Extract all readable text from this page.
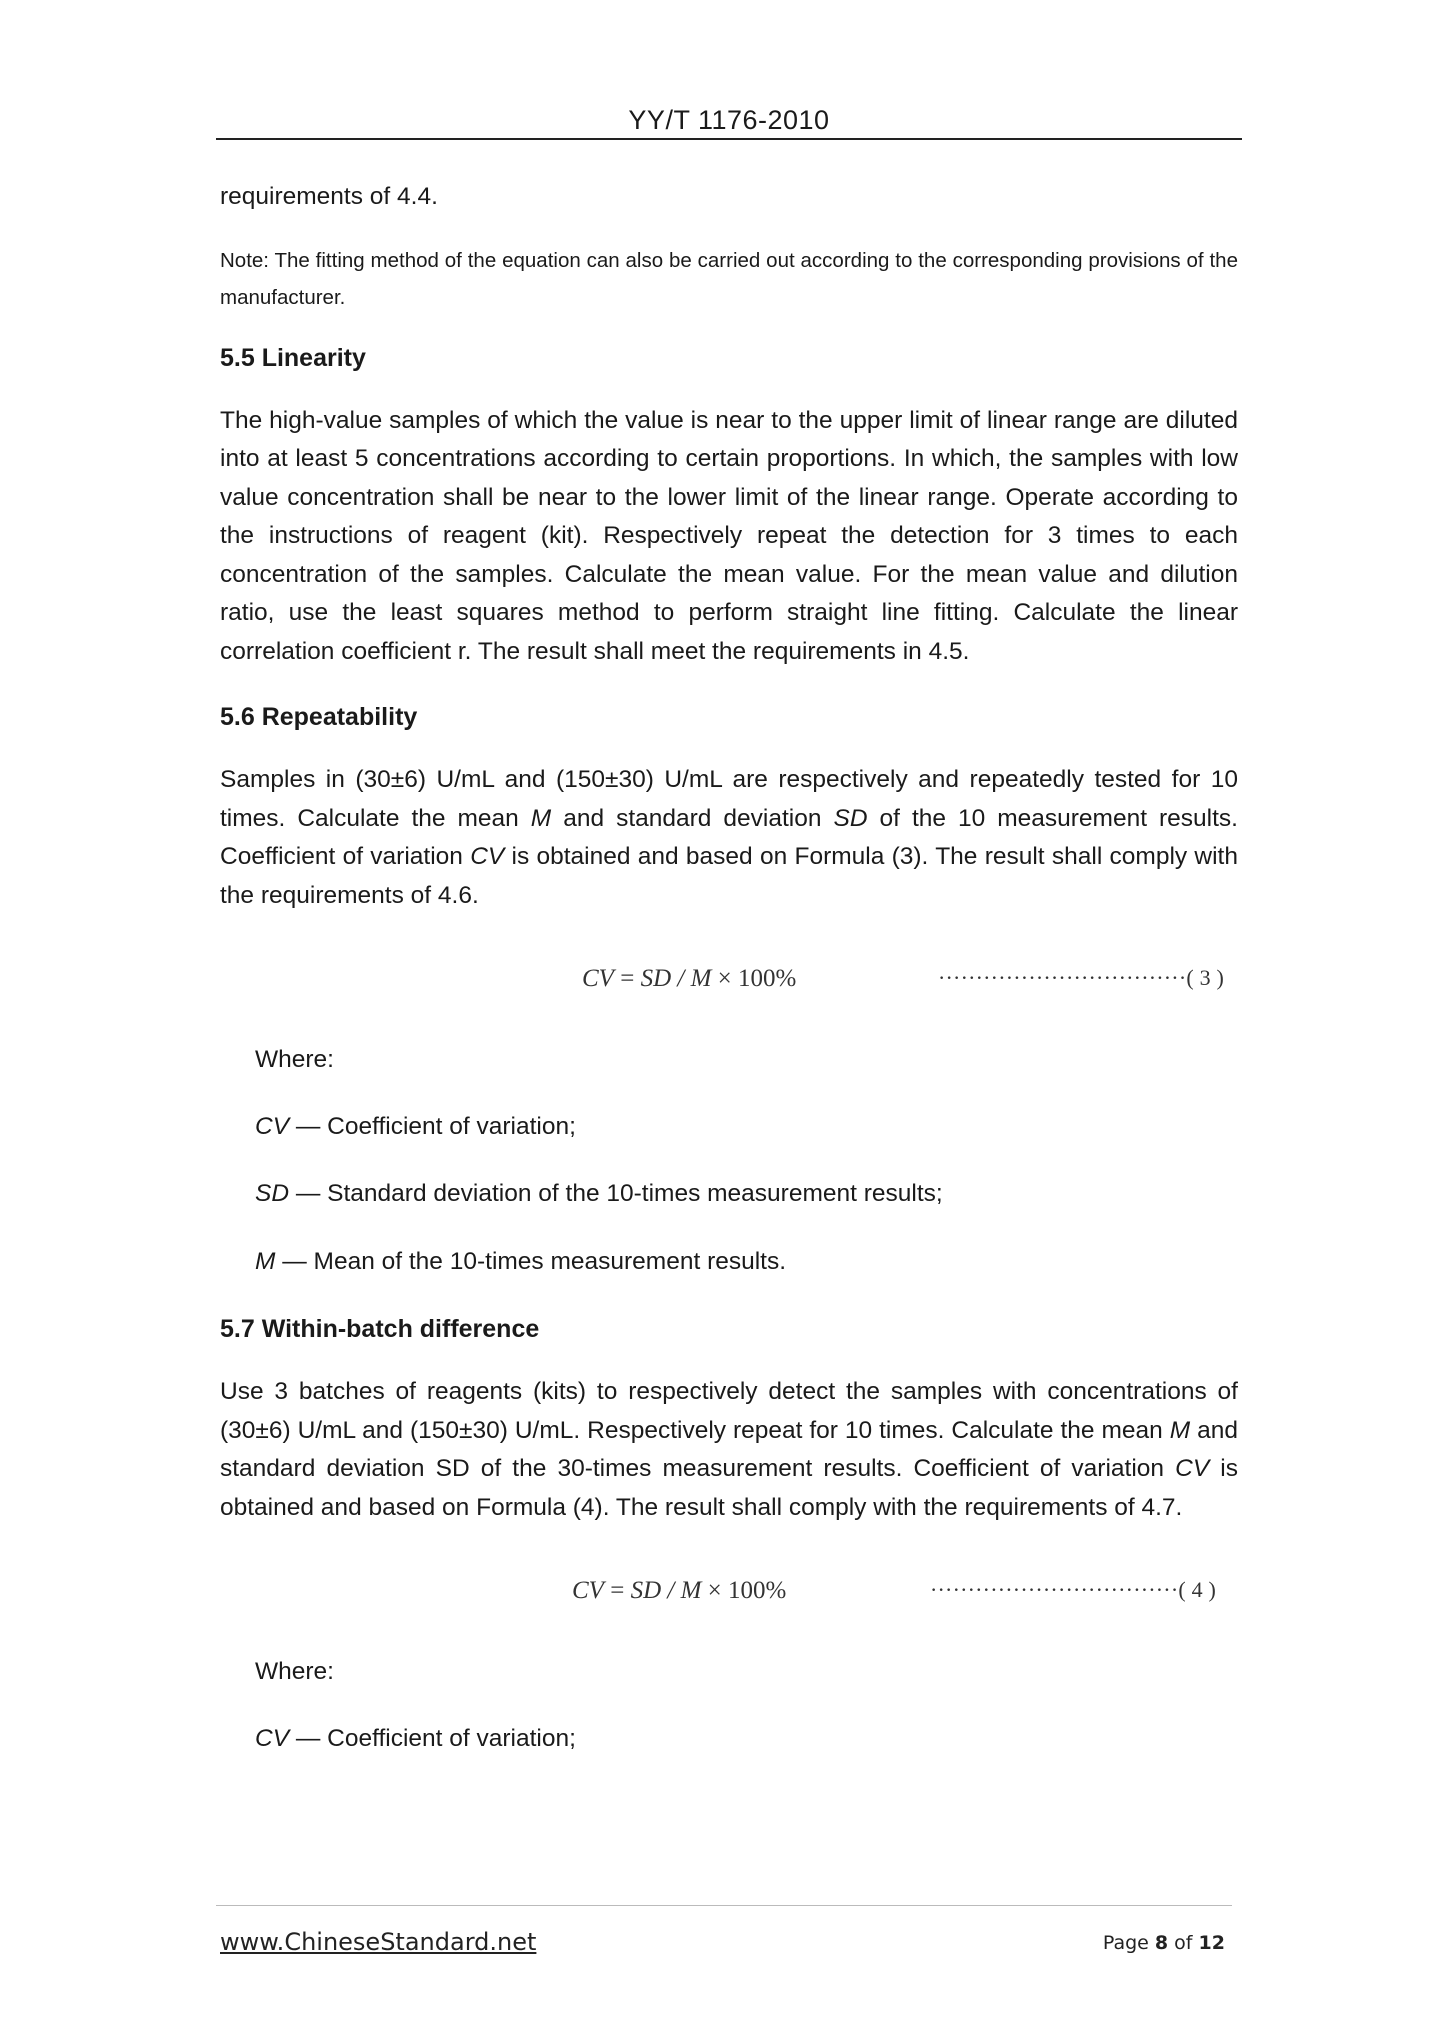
YY/T 1176-2010

requirements of 4.4.

Note: The fitting method of the equation can also be carried out according to the corresponding provisions of the manufacturer.

5.5 Linearity

The high-value samples of which the value is near to the upper limit of linear range are diluted into at least 5 concentrations according to certain proportions. In which, the samples with low value concentration shall be near to the lower limit of the linear range. Operate according to the instructions of reagent (kit). Respectively repeat the detection for 3 times to each concentration of the samples. Calculate the mean value. For the mean value and dilution ratio, use the least squares method to perform straight line fitting. Calculate the linear correlation coefficient r. The result shall meet the requirements in 4.5.

5.6 Repeatability

Samples in (30±6) U/mL and (150±30) U/mL are respectively and repeatedly tested for 10 times. Calculate the mean M and standard deviation SD of the 10 measurement results. Coefficient of variation CV is obtained and based on Formula (3). The result shall comply with the requirements of 4.6.

CV = SD / M × 100%	·································( 3 )

Where:

CV — Coefficient of variation;

SD — Standard deviation of the 10-times measurement results;

M — Mean of the 10-times measurement results.

5.7 Within-batch difference

Use 3 batches of reagents (kits) to respectively detect the samples with concentrations of (30±6) U/mL and (150±30) U/mL. Respectively repeat for 10 times. Calculate the mean M and standard deviation SD of the 30-times measurement results. Coefficient of variation CV is obtained and based on Formula (4). The result shall comply with the requirements of 4.7.

CV = SD / M × 100%	·································( 4 )

Where:

CV — Coefficient of variation;

www.ChineseStandard.net	Page 8 of 12
